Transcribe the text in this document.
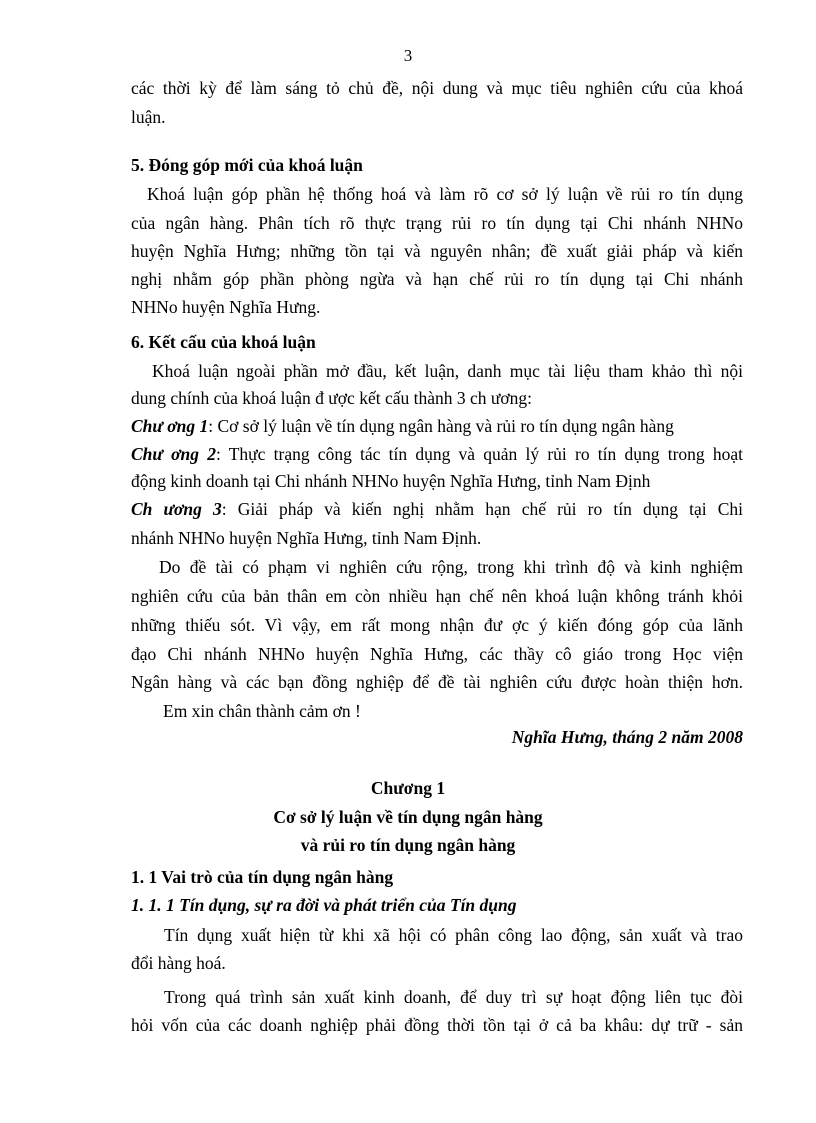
3
các thời kỳ để làm sáng tỏ chủ đề, nội dung và mục tiêu nghiên cứu của khoá
luận.
5. Đóng góp mới của khoá luận
Khoá luận góp phần hệ thống hoá và làm rõ cơ sở lý luận về rủi ro tín dụng
của ngân hàng. Phân tích rõ thực trạng rủi ro tín dụng tại Chi nhánh NHNo
huyện Nghĩa Hưng; những tồn tại và nguyên nhân; đề xuất giải pháp và kiến
nghị nhằm góp phần phòng ngừa và hạn chế rủi ro tín dụng tại Chi nhánh
NHNo huyện Nghĩa Hưng.
6. Kết cấu của khoá luận
Khoá luận ngoài phần mở đầu, kết luận, danh mục tài liệu tham khảo thì nội
dung chính của khoá luận đ ược kết cấu thành 3 ch ương:
Chư ơng 1: Cơ sở lý luận về tín dụng ngân hàng và rủi ro tín dụng ngân hàng
Chư ơng 2: Thực trạng công tác tín dụng và quản lý rủi ro tín dụng trong hoạt
động kinh doanh tại Chi nhánh NHNo huyện Nghĩa Hưng, tỉnh Nam Định
Ch ương 3: Giải pháp và kiến nghị nhằm hạn chế rủi ro tín dụng tại Chi
nhánh NHNo huyện Nghĩa Hưng, tỉnh Nam Định.
Do đề tài có phạm vi nghiên cứu rộng, trong khi trình độ và kinh nghiệm
nghiên cứu của bản thân em còn nhiều hạn chế nên khoá luận không tránh khỏi
những thiếu sót. Vì vậy, em rất mong nhận đư ợc ý kiến đóng góp của lãnh
đạo Chi nhánh NHNo huyện Nghĩa Hưng, các thầy cô giáo trong Học viện
Ngân hàng và các bạn đồng nghiệp để đề tài nghiên cứu được hoàn thiện hơn.
Em xin chân thành cảm ơn !
Nghĩa Hưng, tháng 2 năm 2008
Chương 1
Cơ sở lý luận về tín dụng ngân hàng
và rủi ro tín dụng ngân hàng
1. 1 Vai trò của tín dụng ngân hàng
1. 1. 1 Tín dụng, sự ra đời và phát triển của Tín dụng
Tín dụng xuất hiện từ khi xã hội có phân công lao động, sản xuất và trao
đổi hàng hoá.
Trong quá trình sản xuất kinh doanh, để duy trì sự hoạt động liên tục đòi
hỏi vốn của các doanh nghiệp phải đồng thời tồn tại ở cả ba khâu: dự trữ - sản
